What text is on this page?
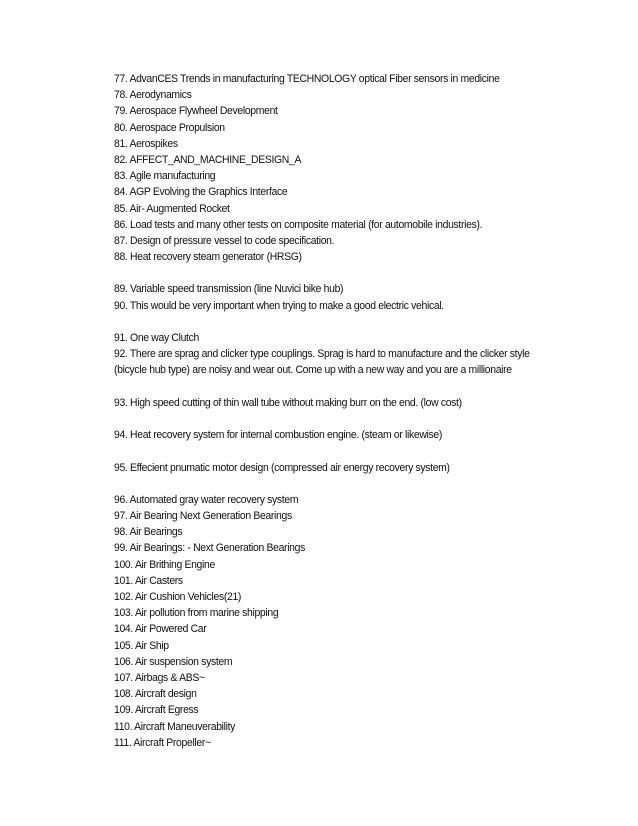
77. AdvanCES Trends in manufacturing TECHNOLOGY optical Fiber sensors in medicine
78. Aerodynamics
79. Aerospace Flywheel Development
80. Aerospace Propulsion
81. Aerospikes
82. AFFECT_AND_MACHINE_DESIGN_A
83. Agile manufacturing
84. AGP Evolving the Graphics Interface
85. Air- Augmented Rocket
86. Load tests and many other tests on composite material (for automobile industries).
87. Design of pressure vessel to code specification.
88. Heat recovery steam generator (HRSG)
89. Variable speed transmission (line Nuvici bike hub)
90. This would be very important when trying to make a good electric vehical.
91. One way Clutch
92. There are sprag and clicker type couplings. Sprag is hard to manufacture and the clicker style
(bicycle hub type) are noisy and wear out. Come up with a new way and you are a millionaire
93. High speed cutting of thin wall tube without making burr on the end. (low cost)
94. Heat recovery system for internal combustion engine. (steam or likewise)
95. Effecient pnumatic motor design (compressed air energy recovery system)
96. Automated gray water recovery system
97. Air Bearing Next Generation Bearings
98. Air Bearings
99. Air Bearings: - Next Generation Bearings
100. Air Brithing Engine
101. Air Casters
102. Air Cushion Vehicles(21)
103. Air pollution from marine shipping
104. Air Powered Car
105. Air Ship
106. Air suspension system
107. Airbags & ABS~
108. Aircraft design
109. Aircraft Egress
110. Aircraft Maneuverability
111. Aircraft Propeller~
